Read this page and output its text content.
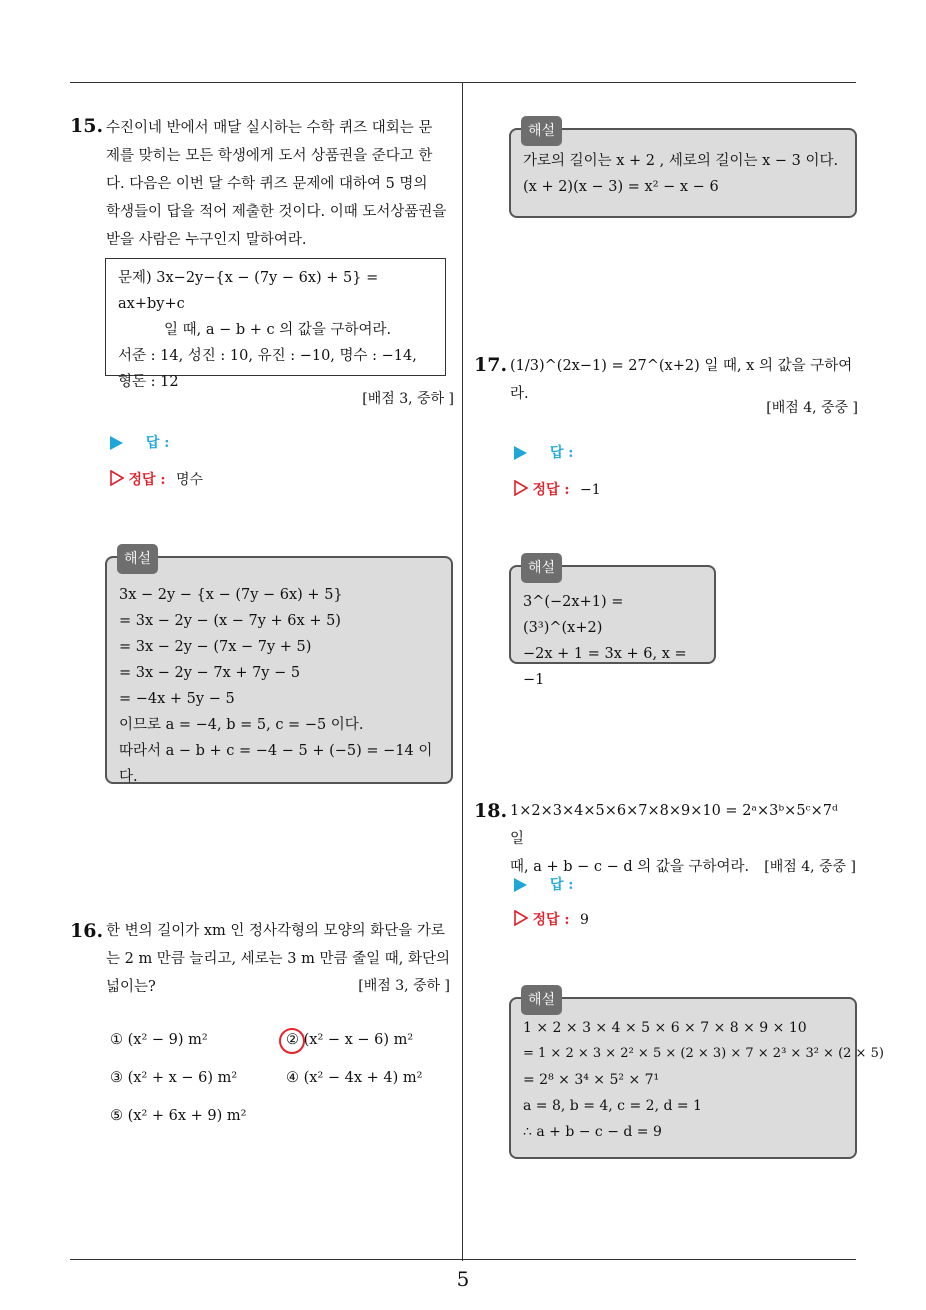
5
15. 수진이네 반에서 매달 실시하는 수학 퀴즈 대회는 문
제를 맞히는 모든 학생에게 도서 상품권을 준다고 한
다. 다음은 이번 달 수학 퀴즈 문제에 대하여 5 명의
학생들이 답을 적어 제출한 것이다. 이때 도서상품권을
받을 사람은 누구인지 말하여라.
문제) 3x−2y−{x − (7y − 6x) + 5} = ax+by+c
일 때, a − b + c 의 값을 구하여라.
서준 : 14, 성진 : 10, 유진 : −10, 명수 : −14,
형돈 : 12
[배점 3, 중하 ]
답 :
정답 : 명수
해설
3x − 2y − {x − (7y − 6x) + 5}
= 3x − 2y − (x − 7y + 6x + 5)
= 3x − 2y − (7x − 7y + 5)
= 3x − 2y − 7x + 7y − 5
= −4x + 5y − 5
이므로 a = −4, b = 5, c = −5 이다.
따라서 a − b + c = −4 − 5 + (−5) = −14 이다.
16. 한 변의 길이가 xm 인 정사각형의 모양의 화단을 가로
는 2 m 만큼 늘리고, 세로는 3 m 만큼 줄일 때, 화단의
넓이는?	[배점 3, 중하 ]
① (x² − 9) m²	② (x² − x − 6) m²
③ (x² + x − 6) m²	④ (x² − 4x + 4) m²
⑤ (x² + 6x + 9) m²
해설
가로의 길이는 x + 2 , 세로의 길이는 x − 3 이다.
(x + 2)(x − 3) = x² − x − 6
17. (1/3)^(2x−1) = 27^(x+2) 일 때, x 의 값을 구하여라.
[배점 4, 중중 ]
답 :
정답 : −1
해설
3^(−2x+1) = (3³)^(x+2)
−2x + 1 = 3x + 6, x = −1
18. 1×2×3×4×5×6×7×8×9×10 = 2ᵃ×3ᵇ×5ᶜ×7ᵈ 일
때, a + b − c − d 의 값을 구하여라. [배점 4, 중중 ]
답 :
정답 : 9
해설
1 × 2 × 3 × 4 × 5 × 6 × 7 × 8 × 9 × 10
= 1 × 2 × 3 × 2² × 5 × (2 × 3) × 7 × 2³ × 3² × (2 × 5)
= 2⁸ × 3⁴ × 5² × 7¹
a = 8, b = 4, c = 2, d = 1
∴ a + b − c − d = 9
